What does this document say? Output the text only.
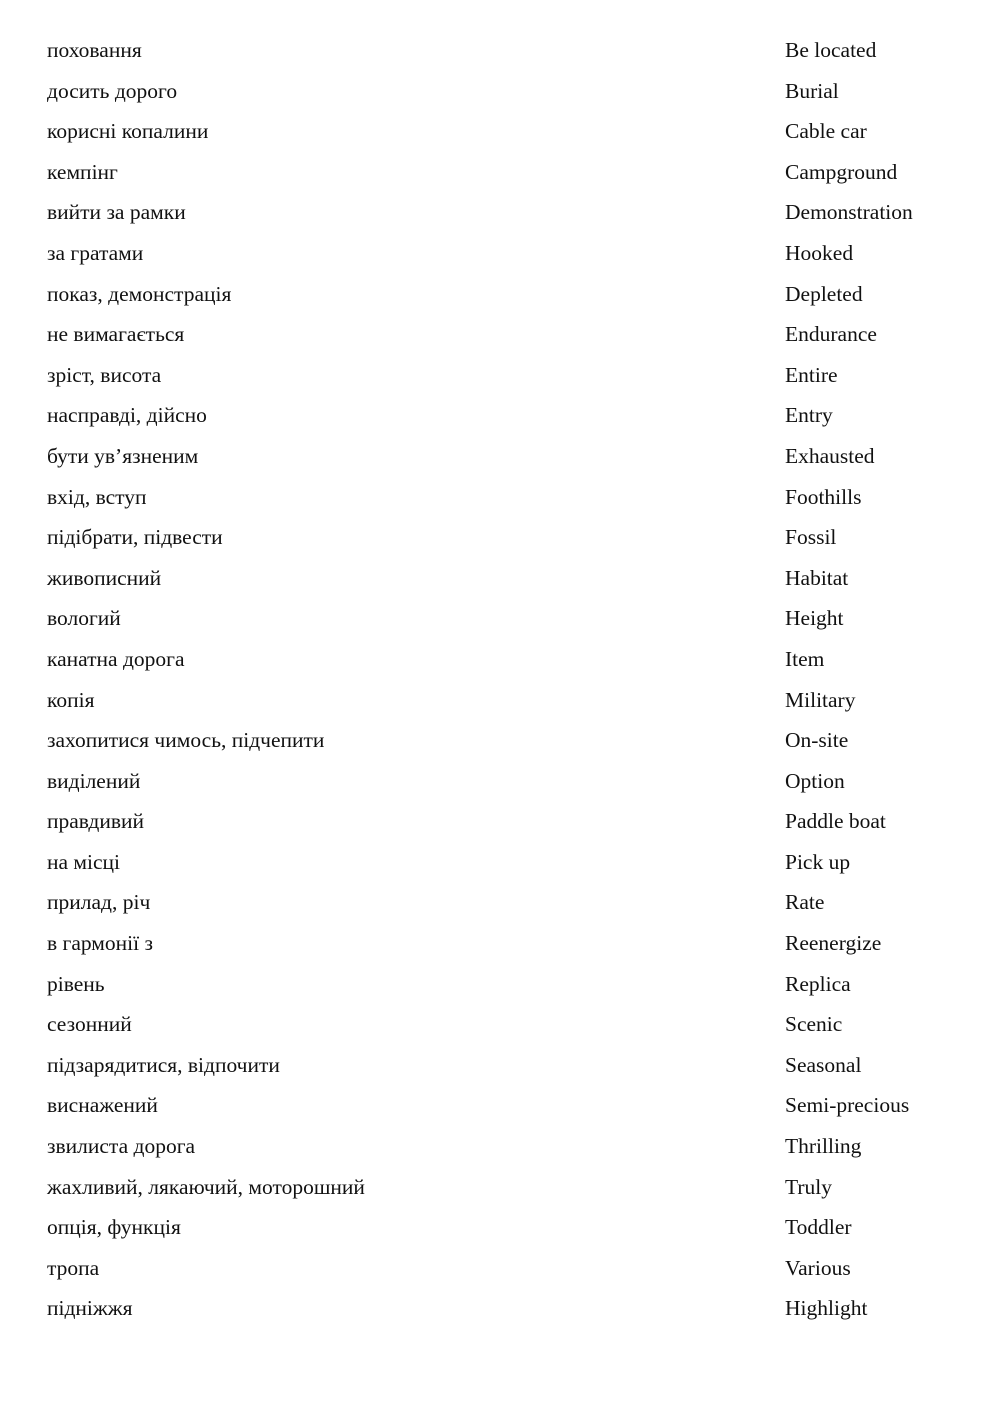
поховання
досить дорого
корисні копалини
кемпінг
вийти за рамки
за гратами
показ, демонстрація
не вимагається
зріст, висота
насправді, дійсно
бути ув’язненим
вхід, вступ
підібрати, підвести
живописний
вологий
канатна дорога
копія
захопитися чимось, підчепити
виділений
правдивий
на місці
прилад, річ
в гармонії з
рівень
сезонний
підзарядитися, відпочити
виснажений
звилиста дорога
жахливий, лякаючий, моторошний
опція, функція
тропа
підніжжя
Be located
Burial
Cable car
Campground
Demonstration
Hooked
Depleted
Endurance
Entire
Entry
Exhausted
Foothills
Fossil
Habitat
Height
Item
Military
On-site
Option
Paddle boat
Pick up
Rate
Reenergize
Replica
Scenic
Seasonal
Semi-precious
Thrilling
Truly
Toddler
Various
Highlight
